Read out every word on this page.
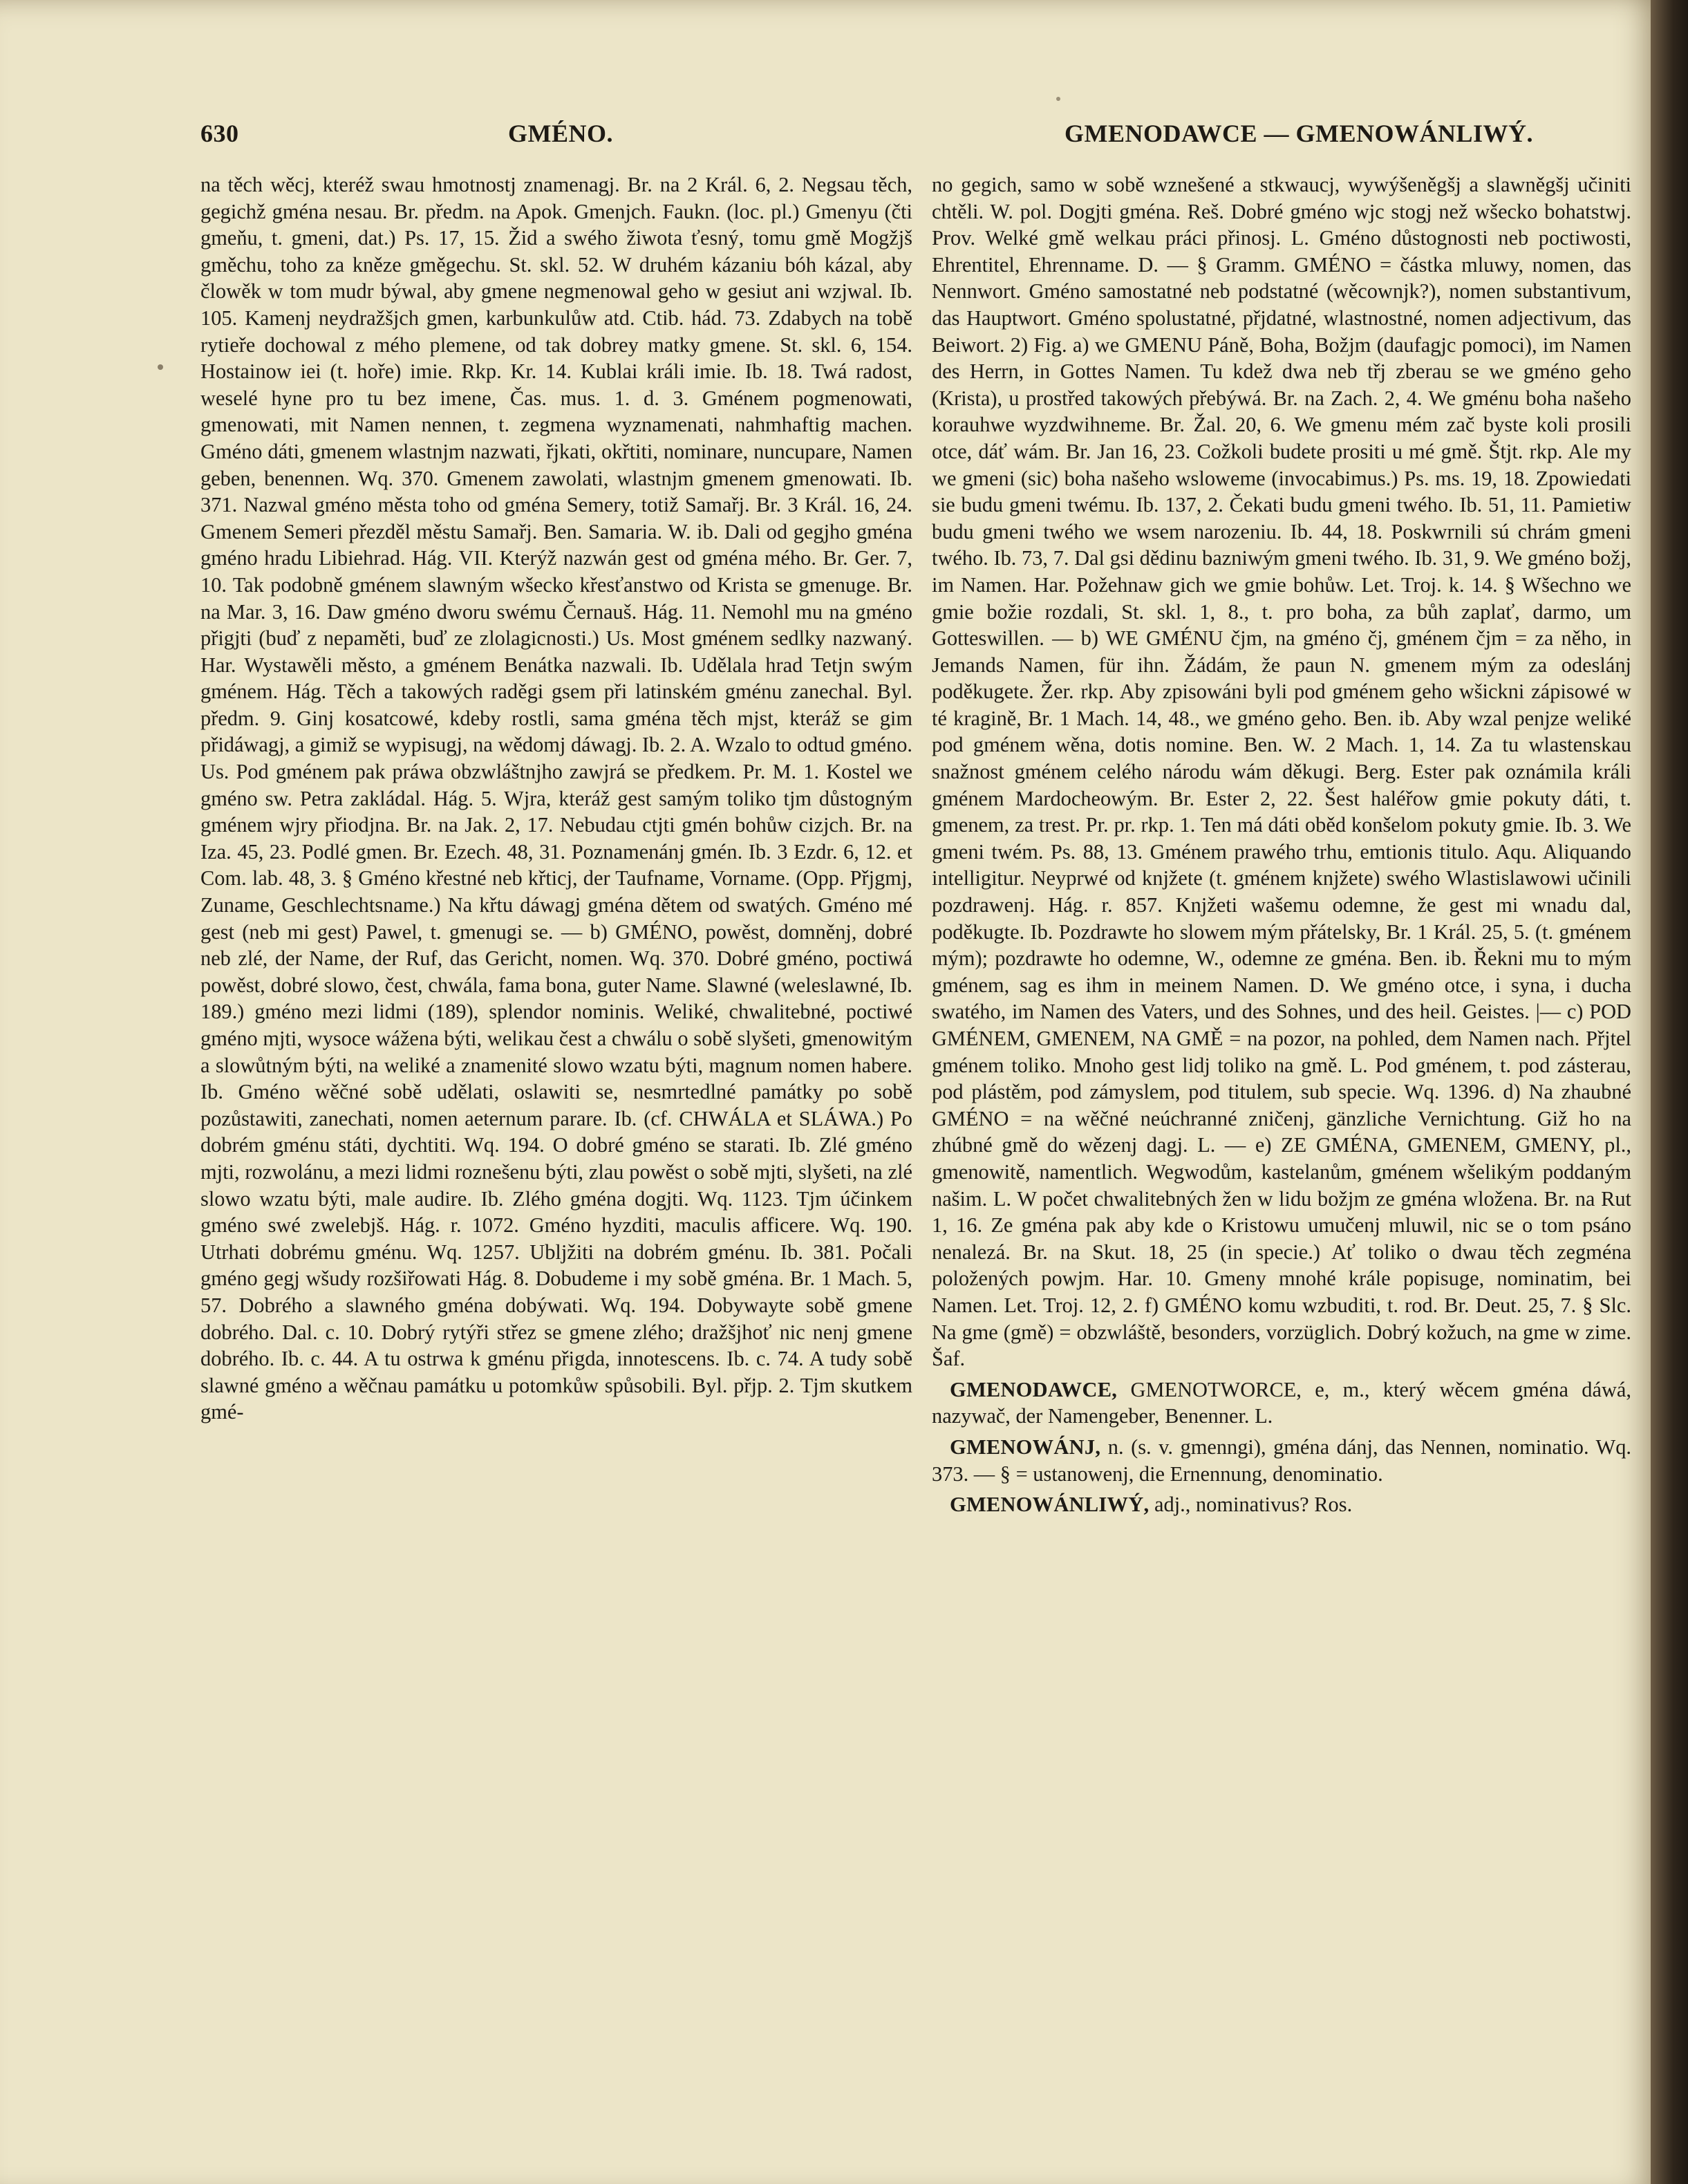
630	GMÉNO.	GMENODAWCE — GMENOWÁNLIWÝ.

na těch wěcj, kteréž swau hmotnostj znamenagj. Br. na 2 Král. 6, 2. Negsau těch, gegichž gména nesau. Br. předm. na Apok. Gmenjch. Faukn. (loc. pl.) Gmenyu (čti gmeňu, t. gmeni, dat.) Ps. 17, 15. Žid a swého žiwota ťesný, tomu gmě Mogžjš gměchu, toho za kněze gměgechu. St. skl. 52. W druhém kázaniu bóh kázal, aby člowěk w tom mudr býwal, aby gmene negmenowal geho w gesiut ani wzjwal. Ib. 105. Kamenj neydražšjch gmen, karbunkulůw atd. Ctib. hád. 73. Zdabych na tobě rytieře dochowal z mého plemene, od tak dobrey matky gmene. St. skl. 6, 154. Hostainow iei (t. hoře) imie. Rkp. Kr. 14. Kublai králi imie. Ib. 18. Twá radost, weselé hyne pro tu bez imene, Čas. mus. 1. d. 3. Gménem pogmenowati, gmenowati, mit Namen nennen, t. zegmena wyznamenati, nahmhaftig machen. Gméno dáti, gmenem wlastnjm nazwati, řjkati, okřtiti, nominare, nuncupare, Namen geben, benennen. Wq. 370. Gmenem zawolati, wlastnjm gmenem gmenowati. Ib. 371. Nazwal gméno města toho od gména Semery, totiž Samařj. Br. 3 Král. 16, 24. Gmenem Semeri přezděl městu Samařj. Ben. Samaria. W. ib. Dali od gegjho gména gméno hradu Libiehrad. Hág. VII. Kterýž nazwán gest od gména mého. Br. Ger. 7, 10. Tak podobně gménem slawným wšecko křesťanstwo od Krista se gmenuge. Br. na Mar. 3, 16. Daw gméno dworu swému Černauš. Hág. 11. Nemohl mu na gméno přigjti (buď z nepaměti, buď ze zlolagicnosti.) Us. Most gménem sedlky nazwaný. Har. Wystawěli město, a gménem Benátka nazwali. Ib. Udělala hrad Tetjn swým gménem. Hág. Těch a takowých raděgi gsem při latinském gménu zanechal. Byl. předm. 9. Ginj kosatcowé, kdeby rostli, sama gména těch mjst, kteráž se gim přidáwagj, a gimiž se wypisugj, na wědomj dáwagj. Ib. 2. A. Wzalo to odtud gméno. Us. Pod gménem pak práwa obzwláštnjho zawjrá se předkem. Pr. M. 1. Kostel we gméno sw. Petra zakládal. Hág. 5. Wjra, kteráž gest samým toliko tjm důstogným gménem wjry přiodjna. Br. na Jak. 2, 17. Nebudau ctjti gmén bohůw cizjch. Br. na Iza. 45, 23. Podlé gmen. Br. Ezech. 48, 31. Poznamenánj gmén. Ib. 3 Ezdr. 6, 12. et Com. lab. 48, 3. § Gméno křestné neb křticj, der Taufname, Vorname. (Opp. Přjgmj, Zuname, Geschlechtsname.) Na křtu dáwagj gména dětem od swatých. Gméno mé gest (neb mi gest) Pawel, t. gmenugi se. — b) GMÉNO, powěst, domněnj, dobré neb zlé, der Name, der Ruf, das Gericht, nomen. Wq. 370. Dobré gméno, poctiwá powěst, dobré slowo, čest, chwála, fama bona, guter Name. Slawné (weleslawné, Ib. 189.) gméno mezi lidmi (189), splendor nominis. Weliké, chwalitebné, poctiwé gméno mjti, wysoce wážena býti, welikau čest a chwálu o sobě slyšeti, gmenowitým a slowůtným býti, na weliké a znamenité slowo wzatu býti, magnum nomen habere. Ib. Gméno wěčné sobě udělati, oslawiti se, nesmrtedlné památky po sobě pozůstawiti, zanechati, nomen aeternum parare. Ib. (cf. CHWÁLA et SLÁWA.) Po dobrém gménu státi, dychtiti. Wq. 194. O dobré gméno se starati. Ib. Zlé gméno mjti, rozwolánu, a mezi lidmi roznešenu býti, zlau powěst o sobě mjti, slyšeti, na zlé slowo wzatu býti, male audire. Ib. Zlého gména dogjti. Wq. 1123. Tjm účinkem gméno swé zwelebjš. Hág. r. 1072. Gméno hyzditi, maculis afficere. Wq. 190. Utrhati dobrému gménu. Wq. 1257. Ublјžiti na dobrém gménu. Ib. 381. Počali gméno gegj wšudy rozšiřowati Hág. 8. Dobudeme i my sobě gména. Br. 1 Mach. 5, 57. Dobrého a slawného gména dobýwati. Wq. 194. Dobywayte sobě gmene dobrého. Dal. c. 10. Dobrý rytýři střez se gmene zlého; dražšjhoť nic nenj gmene dobrého. Ib. c. 44. A tu ostrwa k gménu přigda, innotescens. Ib. c. 74. A tudy sobě slawné gméno a wěčnau památku u potomkůw spůsobili. Byl. přjp. 2. Tjm skutkem gmé-

no gegich, samo w sobě wznešené a stkwaucj, wywýšeněgšj a slawněgšj učiniti chtěli. W. pol. Dogjti gména. Reš. Dobré gméno wjc stogj než wšecko bohatstwj. Prov. Welké gmě welkau práci přinosj. L. Gméno důstognosti neb poctiwosti, Ehrentitel, Ehrenname. D. — § Gramm. GMÉNO = částka mluwy, nomen, das Nennwort. Gméno samostatné neb podstatné (wěcownjk?), nomen substantivum, das Hauptwort. Gméno spolustatné, přjdatné, wlastnostné, nomen adjectivum, das Beiwort. 2) Fig. a) we GMENU Páně, Boha, Božjm (daufagjc pomoci), im Namen des Herrn, in Gottes Namen. Tu kdež dwa neb třj zberau se we gméno geho (Krista), u prostřed takowých přebýwá. Br. na Zach. 2, 4. We gménu boha našeho korauhwe wyzdwihneme. Br. Žal. 20, 6. We gmenu mém zač byste koli prosili otce, dáť wám. Br. Jan 16, 23. Cožkoli budete prositi u mé gmě. Štjt. rkp. Ale my we gmeni (sic) boha našeho wsloweme (invocabimus.) Ps. ms. 19, 18. Zpowiedati sie budu gmeni twému. Ib. 137, 2. Čekati budu gmeni twého. Ib. 51, 11. Pamietiw budu gmeni twého we wsem narozeniu. Ib. 44, 18. Poskwrnili sú chrám gmeni twého. Ib. 73, 7. Dal gsi dědinu bazniwým gmeni twého. Ib. 31, 9. We gméno božj, im Namen. Har. Požehnaw gich we gmie bohůw. Let. Troj. k. 14. § Wšechno we gmie božie rozdali, St. skl. 1, 8., t. pro boha, za bůh zaplať, darmo, um Gotteswillen. — b) WE GMÉNU čjm, na gméno čj, gménem čjm = za něho, in Jemands Namen, für ihn. Žádám, že paun N. gmenem mým za odeslánj poděkugete. Žer. rkp. Aby zpisowáni byli pod gménem geho wšickni zápisowé w té kragině, Br. 1 Mach. 14, 48., we gméno geho. Ben. ib. Aby wzal penjze weliké pod gménem wěna, dotis nomine. Ben. W. 2 Mach. 1, 14. Za tu wlastenskau snažnost gménem celého národu wám děkugi. Berg. Ester pak oznámila králi gménem Mardocheowým. Br. Ester 2, 22. Šest haléřow gmie pokuty dáti, t. gmenem, za trest. Pr. pr. rkp. 1. Ten má dáti oběd konšelom pokuty gmie. Ib. 3. We gmeni twém. Ps. 88, 13. Gménem prawého trhu, emtionis titulo. Aqu. Aliquando intelligitur. Neyprwé od knjžete (t. gménem knjžete) swého Wlastislawowi učinili pozdrawenj. Hág. r. 857. Knjžeti wašemu odemne, že gest mi wnadu dal, poděkugte. Ib. Pozdrawte ho slowem mým přátelsky, Br. 1 Král. 25, 5. (t. gménem mým); pozdrawte ho odemne, W., odemne ze gména. Ben. ib. Řekni mu to mým gménem, sag es ihm in meinem Namen. D. We gméno otce, i syna, i ducha swatého, im Namen des Vaters, und des Sohnes, und des heil. Geistes. |— c) POD GMÉNEM, GMENEM, NA GMĚ = na pozor, na pohled, dem Namen nach. Přjtel gménem toliko. Mnoho gest lidj toliko na gmě. L. Pod gménem, t. pod zásterau, pod plástěm, pod zámyslem, pod titulem, sub specie. Wq. 1396. d) Na zhaubné GMÉNO = na wěčné neúchranné zničenj, gänzliche Vernichtung. Giž ho na zhúbné gmě do wězenj dagj. L. — e) ZE GMÉNA, GMENEM, GMENY, pl., gmenowitě, namentlich. Wegwodům, kastelanům, gménem wšelikým poddaným našim. L. W počet chwalitebných žen w lidu božjm ze gména wložena. Br. na Rut 1, 16. Ze gména pak aby kde o Kristowu umučenj mluwil, nic se o tom psáno nenalezá. Br. na Skut. 18, 25 (in specie.) Ať toliko o dwau těch zegména položených powjm. Har. 10. Gmeny mnohé krále popisuge, nominatim, bei Namen. Let. Troj. 12, 2. f) GMÉNO komu wzbuditi, t. rod. Br. Deut. 25, 7. § Slc. Na gme (gmě) = obzwláště, besonders, vorzüglich. Dobrý kožuch, na gme w zime. Šaf.

GMENODAWCE, GMENOTWORCE, e, m., který wěcem gména dáwá, nazywač, der Namengeber, Benenner. L.

GMENOWÁNJ, n. (s. v. gmenngi), gména dánj, das Nennen, nominatio. Wq. 373. — § = ustanowenj, die Ernennung, denominatio.

GMENOWÁNLIWÝ, adj., nominativus? Ros.
